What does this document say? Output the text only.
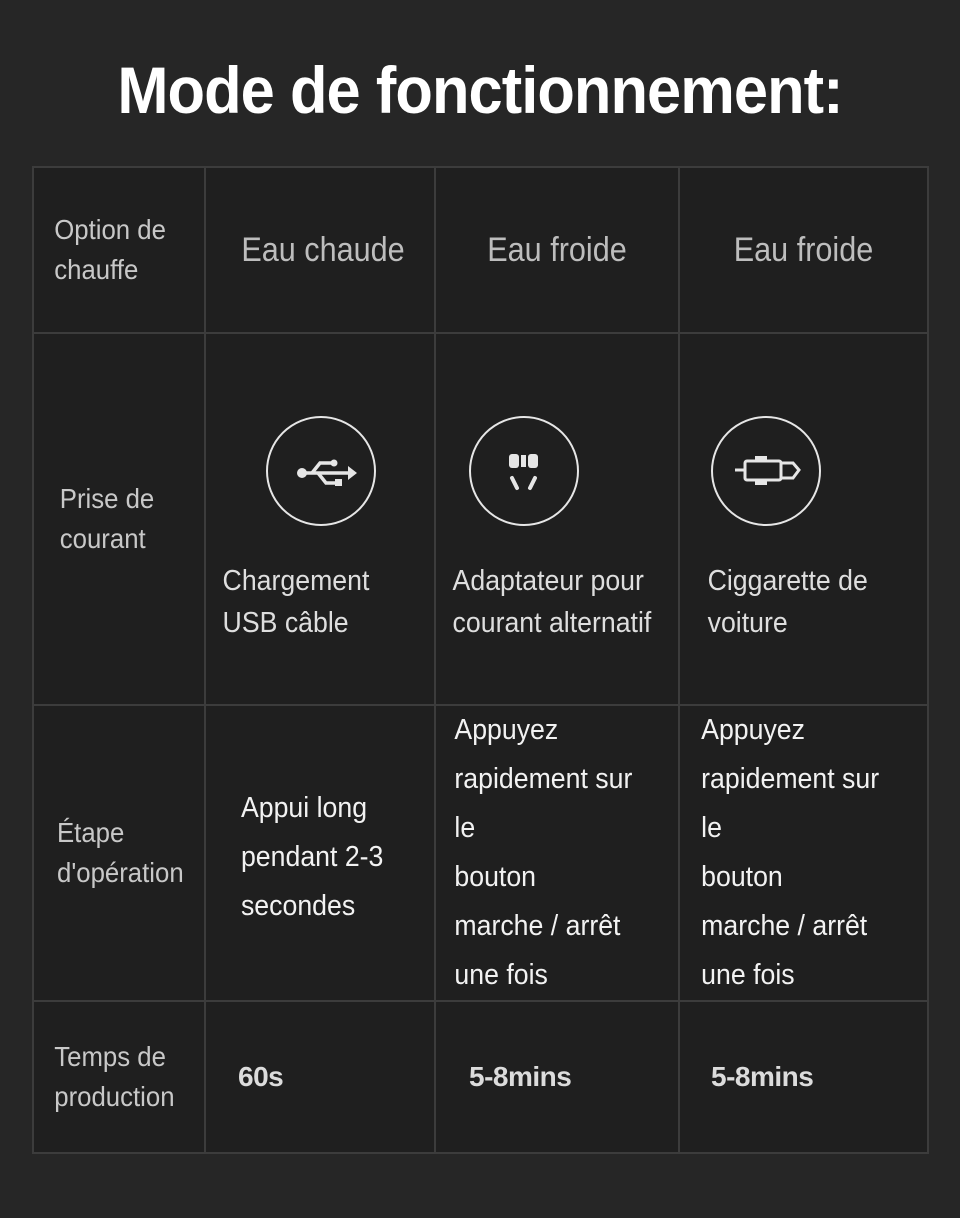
Mode de fonctionnement:
Option de
chauffe	Eau chaude	Eau froide	Eau froide

Prise de
courant	Chargement
USB câble	Adaptateur pour
courant alternatif	Ciggarette de
voiture

Étape
d'opération	Appui long
pendant 2-3
secondes	Appuyez
rapidement sur le
bouton
marche / arrêt
une fois	Appuyez
rapidement sur le
bouton
marche / arrêt
une fois

Temps de
production	60s	5-8mins	5-8mins
